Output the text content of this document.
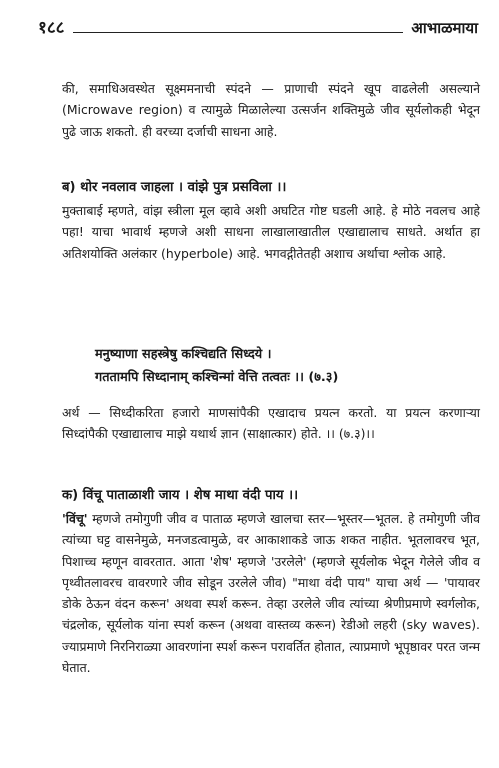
१८८	आभाळमाया

की, समाधिअवस्थेत सूक्ष्ममनाची स्पंदने — प्राणाची स्पंदने खूप वाढलेली असल्याने (Microwave region) व त्यामुळे मिळालेल्या उत्सर्जन शक्तिमुळे जीव सूर्यलोकही भेदून पुढे जाऊ शकतो. ही वरच्या दर्जाची साधना आहे.

ब) थोर नवलाव जाहला । वांझे पुत्र प्रसविला ।।

मुक्ताबाई म्हणते, वांझ स्त्रीला मूल व्हावे अशी अघटित गोष्ट घडली आहे. हे मोठे नवलच आहे पहा! याचा भावार्थ म्हणजे अशी साधना लाखालाखातील एखाद्यालाच साधते. अर्थात हा अतिशयोक्ति अलंकार (hyperbole) आहे. भगवद्गीतेतही अशाच अर्थाचा श्लोक आहे.

मनुष्याणा सहस्त्रेषु कश्चिद्यति सिध्दये ।
गततामपि सिध्दानाम् कश्चिन्मां वेत्ति तत्वतः ।। (७.३)

अर्थ — सिध्दीकरिता हजारो माणसांपैकी एखादाच प्रयत्न करतो. या प्रयत्न करणाऱ्या सिध्दांपैकी एखाद्यालाच माझे यथार्थ ज्ञान (साक्षात्कार) होते. ।। (७.३)।।

क) विंचू पाताळाशी जाय । शेष माथा वंदी पाय ।।

'विंचू' म्हणजे तमोगुणी जीव व पाताळ म्हणजे खालचा स्तर—भूस्तर—भूतल. हे तमोगुणी जीव त्यांच्या घट्ट वासनेमुळे, मनजडत्वामुळे, वर आकाशाकडे जाऊ शकत नाहीत. भूतलावरच भूत, पिशाच्च म्हणून वावरतात. आता 'शेष' म्हणजे 'उरलेले' (म्हणजे सूर्यलोक भेदून गेलेले जीव व पृथ्वीतलावरच वावरणारे जीव सोडून उरलेले जीव) "माथा वंदी पाय" याचा अर्थ — 'पायावर डोके ठेऊन वंदन करून' अथवा स्पर्श करून. तेव्हा उरलेले जीव त्यांच्या श्रेणीप्रमाणे स्वर्गलोक, चंद्रलोक, सूर्यलोक यांना स्पर्श करून (अथवा वास्तव्य करून) रेडीओ लहरी (sky waves). ज्याप्रमाणे निरनिराळ्या आवरणांना स्पर्श करून परावर्तित होतात, त्याप्रमाणे भूपृष्ठावर परत जन्म घेतात.
